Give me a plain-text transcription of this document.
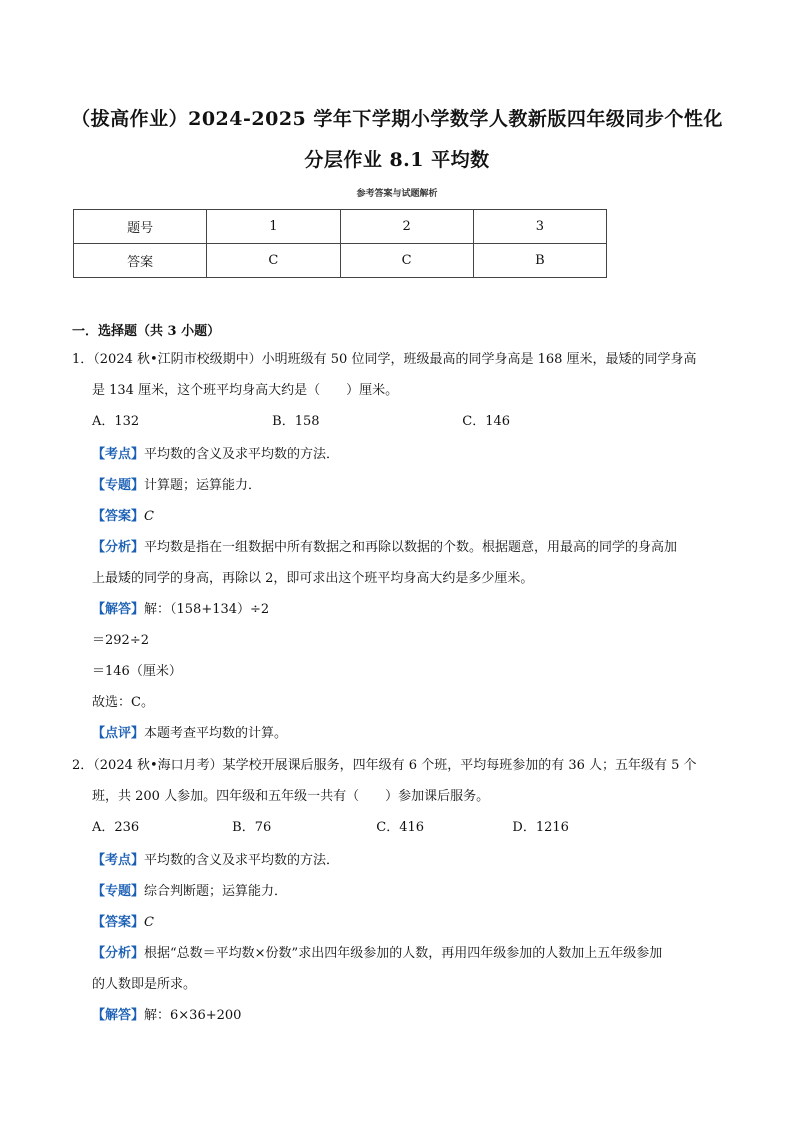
（拔高作业）2024-2025 学年下学期小学数学人教新版四年级同步个性化
分层作业 8.1 平均数
参考答案与试题解析
题号	1	2	3
答案	C	C	B
一．选择题（共 3 小题）
1．（2024 秋•江阴市校级期中）小明班级有 50 位同学，班级最高的同学身高是 168 厘米，最矮的同学身高
是 134 厘米，这个班平均身高大约是（　　）厘米。
A．132	B．158	C．146
【考点】平均数的含义及求平均数的方法．
【专题】计算题；运算能力．
【答案】C
【分析】平均数是指在一组数据中所有数据之和再除以数据的个数。根据题意，用最高的同学的身高加
上最矮的同学的身高，再除以 2，即可求出这个班平均身高大约是多少厘米。
【解答】解：（158+134）÷2
＝292÷2
＝146（厘米）
故选：C。
【点评】本题考查平均数的计算。
2．（2024 秋•海口月考）某学校开展课后服务，四年级有 6 个班，平均每班参加的有 36 人；五年级有 5 个
班，共 200 人参加。四年级和五年级一共有（　　）参加课后服务。
A．236	B．76	C．416	D．1216
【考点】平均数的含义及求平均数的方法．
【专题】综合判断题；运算能力．
【答案】C
【分析】根据“总数＝平均数×份数”求出四年级参加的人数，再用四年级参加的人数加上五年级参加
的人数即是所求。
【解答】解：6×36+200
